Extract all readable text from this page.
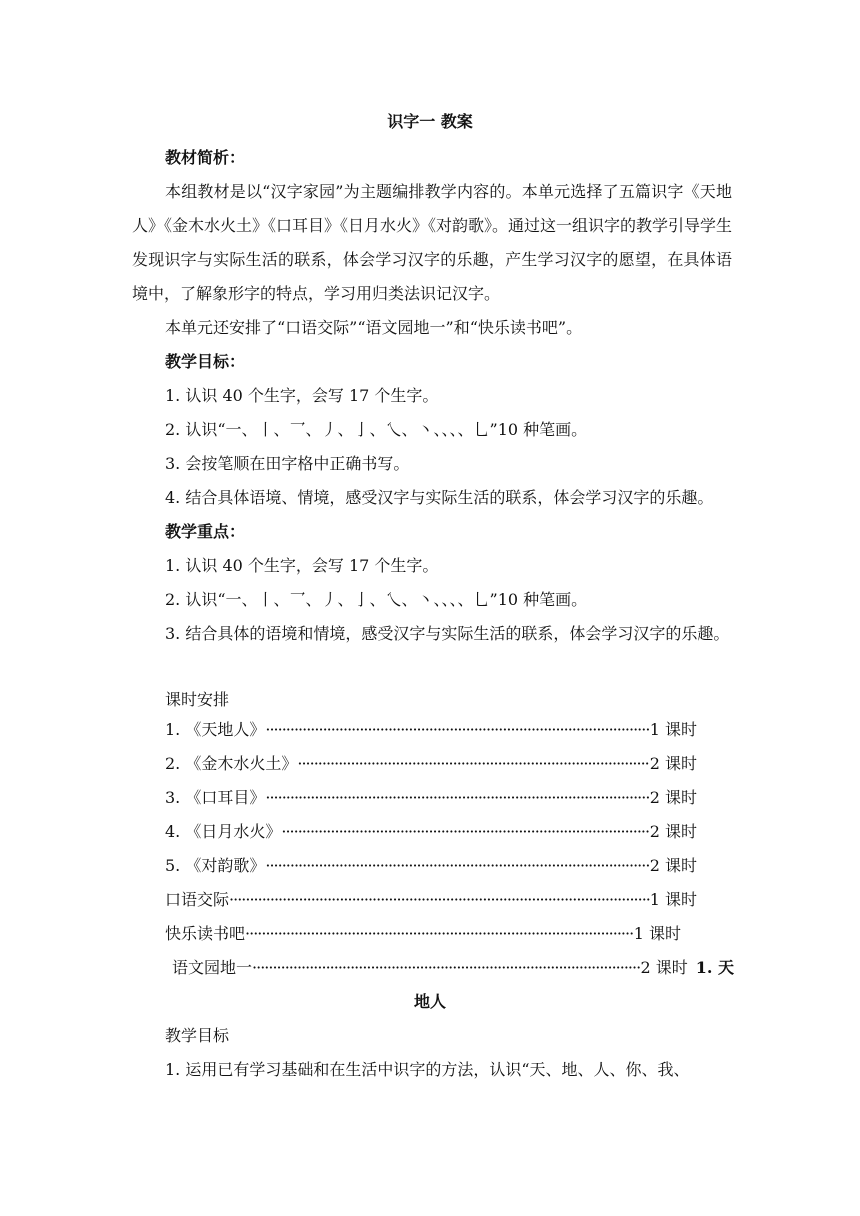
识字一 教案
教材简析：
本组教材是以“汉字家园”为主题编排教学内容的。本单元选择了五篇识字《天地人》《金木水火土》《口耳目》《日月水火》《对韵歌》。通过这一组识字的教学引导学生发现识字与实际生活的联系，体会学习汉字的乐趣，产生学习汉字的愿望，在具体语境中，了解象形字的特点，学习用归类法识记汉字。
本单元还安排了“口语交际”“语文园地一”和“快乐读书吧”。
教学目标：
1. 认识 40 个生字，会写 17 个生字。
2. 认识“一、丨、乛、丿、亅、乀、丶、、、、乚”10 种笔画。
3. 会按笔顺在田字格中正确书写。
4. 结合具体语境、情境，感受汉字与实际生活的联系，体会学习汉字的乐趣。
教学重点：
1. 认识 40 个生字，会写 17 个生字。
2. 认识“一、丨、乛、丿、亅、乀、丶、、、、乚”10 种笔画。
3. 结合具体的语境和情境，感受汉字与实际生活的联系，体会学习汉字的乐趣。
课时安排
1. 《天地人》 ·····	1 课时
2. 《金木水火土》 ·····	2 课时
3. 《口耳目》 ·····	2 课时
4. 《日月水火》 ·····	2 课时
5. 《对韵歌》 ·····	2 课时
口语交际 ·····	1 课时
快乐读书吧 ·····	1 课时
语文园地一 ·····	2 课时 1. 天
地人
教学目标
1. 运用已有学习基础和在生活中识字的方法，认识“天、地、人、你、我、
